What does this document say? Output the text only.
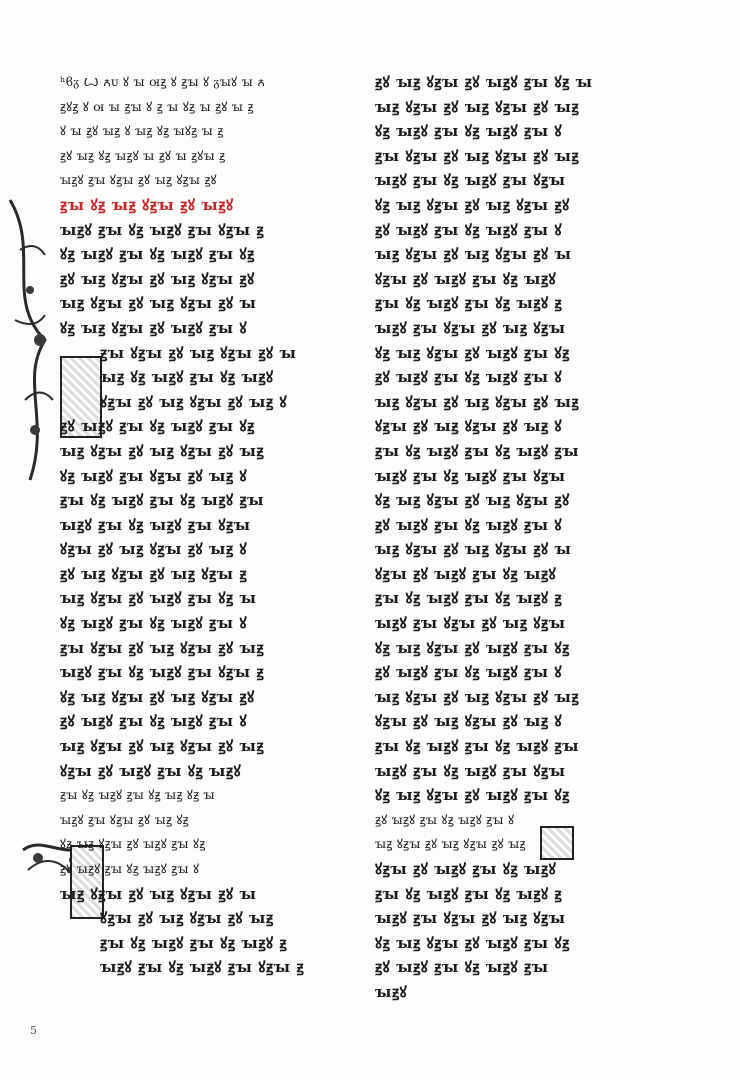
ʰϐᵹ Ꙍ ꙉᴜ ꙋ ꙑ ꙕꙃ ꙋ ꙃꙑ ꙋ ᵹꙑꙋ ꙑ ꙉ
ꙃꙋꙃ ꙋ ꙕ ꙑ ꙃꙑ ꙋ ꙃ ꙑ ꙋꙃ ꙑ ꙃꙋ ꙑ ꙃ
ꙋ ꙑ ꙃꙋ ꙑꙃ ꙋ ꙑꙃ ꙋꙃ ꙑꙋꙃ ꙑ ꙃ
ꙃꙋ ꙑꙃ ꙋꙃ ꙑꙃꙋ ꙑ ꙃꙋ ꙑ ꙃꙋꙑ ꙃ
ꙑꙃꙋ ꙃꙑ ꙋꙃꙑ ꙃꙋ ꙑꙃ ꙋꙃꙑ ꙃꙋ
ꙃꙑ ꙋꙃ ꙑꙃ ꙋꙃꙑ ꙃꙋ ꙑꙃꙋ
ꙑꙃꙋ ꙃꙑ ꙋꙃ ꙑꙃꙋ ꙃꙑ ꙋꙃꙑ ꙃ
ꙋꙃ ꙑꙃꙋ ꙃꙑ ꙋꙃ ꙑꙃꙋ ꙃꙑ ꙋꙃ
ꙃꙋ ꙑꙃ ꙋꙃꙑ ꙃꙋ ꙑꙃ ꙋꙃꙑ ꙃꙋ
ꙑꙃ ꙋꙃꙑ ꙃꙋ ꙑꙃ ꙋꙃꙑ ꙃꙋ ꙑ
ꙋꙃ ꙑꙃ ꙋꙃꙑ ꙃꙋ ꙑꙃꙋ ꙃꙑ ꙋ
ꙃꙑ ꙋꙃꙑ ꙃꙋ ꙑꙃ ꙋꙃꙑ ꙃꙋ ꙑ
ꙑꙃ ꙋꙃ ꙑꙃꙋ ꙃꙑ ꙋꙃ ꙑꙃꙋ
ꙋꙃꙑ ꙃꙋ ꙑꙃ ꙋꙃꙑ ꙃꙋ ꙑꙃ ꙋ
ꙃꙋ ꙑꙃꙋ ꙃꙑ ꙋꙃ ꙑꙃꙋ ꙃꙑ ꙋꙃ
ꙑꙃ ꙋꙃꙑ ꙃꙋ ꙑꙃ ꙋꙃꙑ ꙃꙋ ꙑꙃ
ꙋꙃ ꙑꙃꙋ ꙃꙑ ꙋꙃꙑ ꙃꙋ ꙑꙃ ꙋ
ꙃꙑ ꙋꙃ ꙑꙃꙋ ꙃꙑ ꙋꙃ ꙑꙃꙋ ꙃꙑ
ꙑꙃꙋ ꙃꙑ ꙋꙃ ꙑꙃꙋ ꙃꙑ ꙋꙃꙑ
ꙋꙃꙑ ꙃꙋ ꙑꙃ ꙋꙃꙑ ꙃꙋ ꙑꙃ ꙋ
ꙃꙋ ꙑꙃ ꙋꙃꙑ ꙃꙋ ꙑꙃ ꙋꙃꙑ ꙃ
ꙑꙃ ꙋꙃꙑ ꙃꙋ ꙑꙃꙋ ꙃꙑ ꙋꙃ ꙑ
ꙋꙃ ꙑꙃꙋ ꙃꙑ ꙋꙃ ꙑꙃꙋ ꙃꙑ ꙋ
ꙃꙑ ꙋꙃꙑ ꙃꙋ ꙑꙃ ꙋꙃꙑ ꙃꙋ ꙑꙃ
ꙑꙃꙋ ꙃꙑ ꙋꙃ ꙑꙃꙋ ꙃꙑ ꙋꙃꙑ ꙃ
ꙋꙃ ꙑꙃ ꙋꙃꙑ ꙃꙋ ꙑꙃ ꙋꙃꙑ ꙃꙋ
ꙃꙋ ꙑꙃꙋ ꙃꙑ ꙋꙃ ꙑꙃꙋ ꙃꙑ ꙋ
ꙑꙃ ꙋꙃꙑ ꙃꙋ ꙑꙃ ꙋꙃꙑ ꙃꙋ ꙑꙃ
ꙋꙃꙑ ꙃꙋ ꙑꙃꙋ ꙃꙑ ꙋꙃ ꙑꙃꙋ
ꙃꙑ ꙋꙃ ꙑꙃꙋ ꙃꙑ ꙋꙃ ꙑꙃ ꙋꙃ ꙑ
ꙑꙃꙋ ꙃꙑ ꙋꙃꙑ ꙃꙋ ꙑꙃ ꙋꙃ
ꙋꙃ ꙑꙃ ꙋꙃꙑ ꙃꙋ ꙑꙃꙋ ꙃꙑ ꙋꙃ
ꙃꙋ ꙑꙃꙋ ꙃꙑ ꙋꙃ ꙑꙃꙋ ꙃꙑ ꙋ
ꙑꙃ ꙋꙃꙑ ꙃꙋ ꙑꙃ ꙋꙃꙑ ꙃꙋ ꙑ
ꙋꙃꙑ ꙃꙋ ꙑꙃ ꙋꙃꙑ ꙃꙋ ꙑꙃ
ꙃꙑ ꙋꙃ ꙑꙃꙋ ꙃꙑ ꙋꙃ ꙑꙃꙋ ꙃ
ꙑꙃꙋ ꙃꙑ ꙋꙃ ꙑꙃꙋ ꙃꙑ ꙋꙃꙑ ꙃ
ꙃꙋ ꙑꙃ ꙋꙃꙑ ꙃꙋ ꙑꙃꙋ ꙃꙑ ꙋꙃ ꙑ
ꙑꙃ ꙋꙃꙑ ꙃꙋ ꙑꙃ ꙋꙃꙑ ꙃꙋ ꙑꙃ
ꙋꙃ ꙑꙃꙋ ꙃꙑ ꙋꙃ ꙑꙃꙋ ꙃꙑ ꙋ
ꙃꙑ ꙋꙃꙑ ꙃꙋ ꙑꙃ ꙋꙃꙑ ꙃꙋ ꙑꙃ
ꙑꙃꙋ ꙃꙑ ꙋꙃ ꙑꙃꙋ ꙃꙑ ꙋꙃꙑ
ꙋꙃ ꙑꙃ ꙋꙃꙑ ꙃꙋ ꙑꙃ ꙋꙃꙑ ꙃꙋ
ꙃꙋ ꙑꙃꙋ ꙃꙑ ꙋꙃ ꙑꙃꙋ ꙃꙑ ꙋ
ꙑꙃ ꙋꙃꙑ ꙃꙋ ꙑꙃ ꙋꙃꙑ ꙃꙋ ꙑ
ꙋꙃꙑ ꙃꙋ ꙑꙃꙋ ꙃꙑ ꙋꙃ ꙑꙃꙋ
ꙃꙑ ꙋꙃ ꙑꙃꙋ ꙃꙑ ꙋꙃ ꙑꙃꙋ ꙃ
ꙑꙃꙋ ꙃꙑ ꙋꙃꙑ ꙃꙋ ꙑꙃ ꙋꙃꙑ
ꙋꙃ ꙑꙃ ꙋꙃꙑ ꙃꙋ ꙑꙃꙋ ꙃꙑ ꙋꙃ
ꙃꙋ ꙑꙃꙋ ꙃꙑ ꙋꙃ ꙑꙃꙋ ꙃꙑ ꙋ
ꙑꙃ ꙋꙃꙑ ꙃꙋ ꙑꙃ ꙋꙃꙑ ꙃꙋ ꙑꙃ
ꙋꙃꙑ ꙃꙋ ꙑꙃ ꙋꙃꙑ ꙃꙋ ꙑꙃ ꙋ
ꙃꙑ ꙋꙃ ꙑꙃꙋ ꙃꙑ ꙋꙃ ꙑꙃꙋ ꙃꙑ
ꙑꙃꙋ ꙃꙑ ꙋꙃ ꙑꙃꙋ ꙃꙑ ꙋꙃꙑ
ꙋꙃ ꙑꙃ ꙋꙃꙑ ꙃꙋ ꙑꙃ ꙋꙃꙑ ꙃꙋ
ꙃꙋ ꙑꙃꙋ ꙃꙑ ꙋꙃ ꙑꙃꙋ ꙃꙑ ꙋ
ꙑꙃ ꙋꙃꙑ ꙃꙋ ꙑꙃ ꙋꙃꙑ ꙃꙋ ꙑ
ꙋꙃꙑ ꙃꙋ ꙑꙃꙋ ꙃꙑ ꙋꙃ ꙑꙃꙋ
ꙃꙑ ꙋꙃ ꙑꙃꙋ ꙃꙑ ꙋꙃ ꙑꙃꙋ ꙃ
ꙑꙃꙋ ꙃꙑ ꙋꙃꙑ ꙃꙋ ꙑꙃ ꙋꙃꙑ
ꙋꙃ ꙑꙃ ꙋꙃꙑ ꙃꙋ ꙑꙃꙋ ꙃꙑ ꙋꙃ
ꙃꙋ ꙑꙃꙋ ꙃꙑ ꙋꙃ ꙑꙃꙋ ꙃꙑ ꙋ
ꙑꙃ ꙋꙃꙑ ꙃꙋ ꙑꙃ ꙋꙃꙑ ꙃꙋ ꙑꙃ
ꙋꙃꙑ ꙃꙋ ꙑꙃ ꙋꙃꙑ ꙃꙋ ꙑꙃ ꙋ
ꙃꙑ ꙋꙃ ꙑꙃꙋ ꙃꙑ ꙋꙃ ꙑꙃꙋ ꙃꙑ
ꙑꙃꙋ ꙃꙑ ꙋꙃ ꙑꙃꙋ ꙃꙑ ꙋꙃꙑ
ꙋꙃ ꙑꙃ ꙋꙃꙑ ꙃꙋ ꙑꙃꙋ ꙃꙑ ꙋꙃ
ꙃꙋ ꙑꙃꙋ ꙃꙑ ꙋꙃ ꙑꙃꙋ ꙃꙑ ꙋ
ꙑꙃ ꙋꙃꙑ ꙃꙋ ꙑꙃ ꙋꙃꙑ ꙃꙋ ꙑꙃ
ꙋꙃꙑ ꙃꙋ ꙑꙃꙋ ꙃꙑ ꙋꙃ ꙑꙃꙋ
ꙃꙑ ꙋꙃ ꙑꙃꙋ ꙃꙑ ꙋꙃ ꙑꙃꙋ ꙃ
ꙑꙃꙋ ꙃꙑ ꙋꙃꙑ ꙃꙋ ꙑꙃ ꙋꙃꙑ
ꙋꙃ ꙑꙃ ꙋꙃꙑ ꙃꙋ ꙑꙃꙋ ꙃꙑ ꙋꙃ
ꙃꙋ ꙑꙃꙋ ꙃꙑ ꙋꙃ ꙑꙃꙋ ꙃꙑ
ꙑꙃꙋ
5
